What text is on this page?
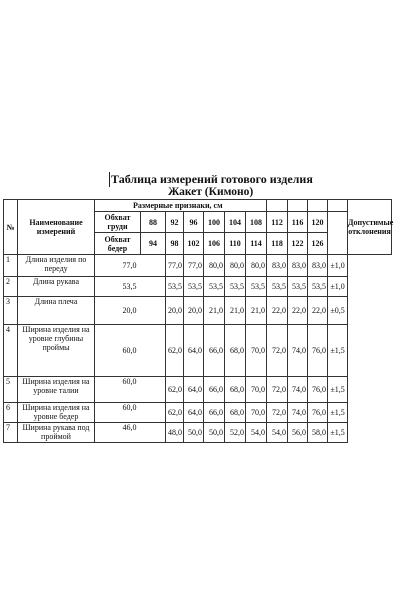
Таблица измерений готового изделия
Жакет (Кимоно)
№	Наименование измерений	Размерные признаки, см											Допустимые отклонения
		Обхват груди	88	92	96	100	104	108	112	116	120		
		Обхват бедер	94	98	102	106	110	114	118	122	126		
1	Длина изделия по переду	77,0		77,0	77,0	80,0	80,0	80,0	83,0	83,0	83,0	±1,0	
2	Длина рукава	53,5		53,5	53,5	53,5	53,5	53,5	53,5	53,5	53,5	±1,0	
3	Длина плеча	20,0		20,0	20,0	21,0	21,0	21,0	22,0	22,0	22,0	±0,5	
4	Ширина изделия на уровне глубины проймы	60,0		62,0	64,0	66,0	68,0	70,0	72,0	74,0	76,0	±1,5	
5	Ширина изделия на уровне талии	60,0		62,0	64,0	66,0	68,0	70,0	72,0	74,0	76,0	±1,5	
6	Ширина изделия на уровне бедер	60,0		62,0	64,0	66,0	68,0	70,0	72,0	74,0	76,0	±1,5	
7	Ширина рукава под проймой	46,0		48,0	50,0	50,0	52,0	54,0	54,0	56,0	58,0	±1,5	
